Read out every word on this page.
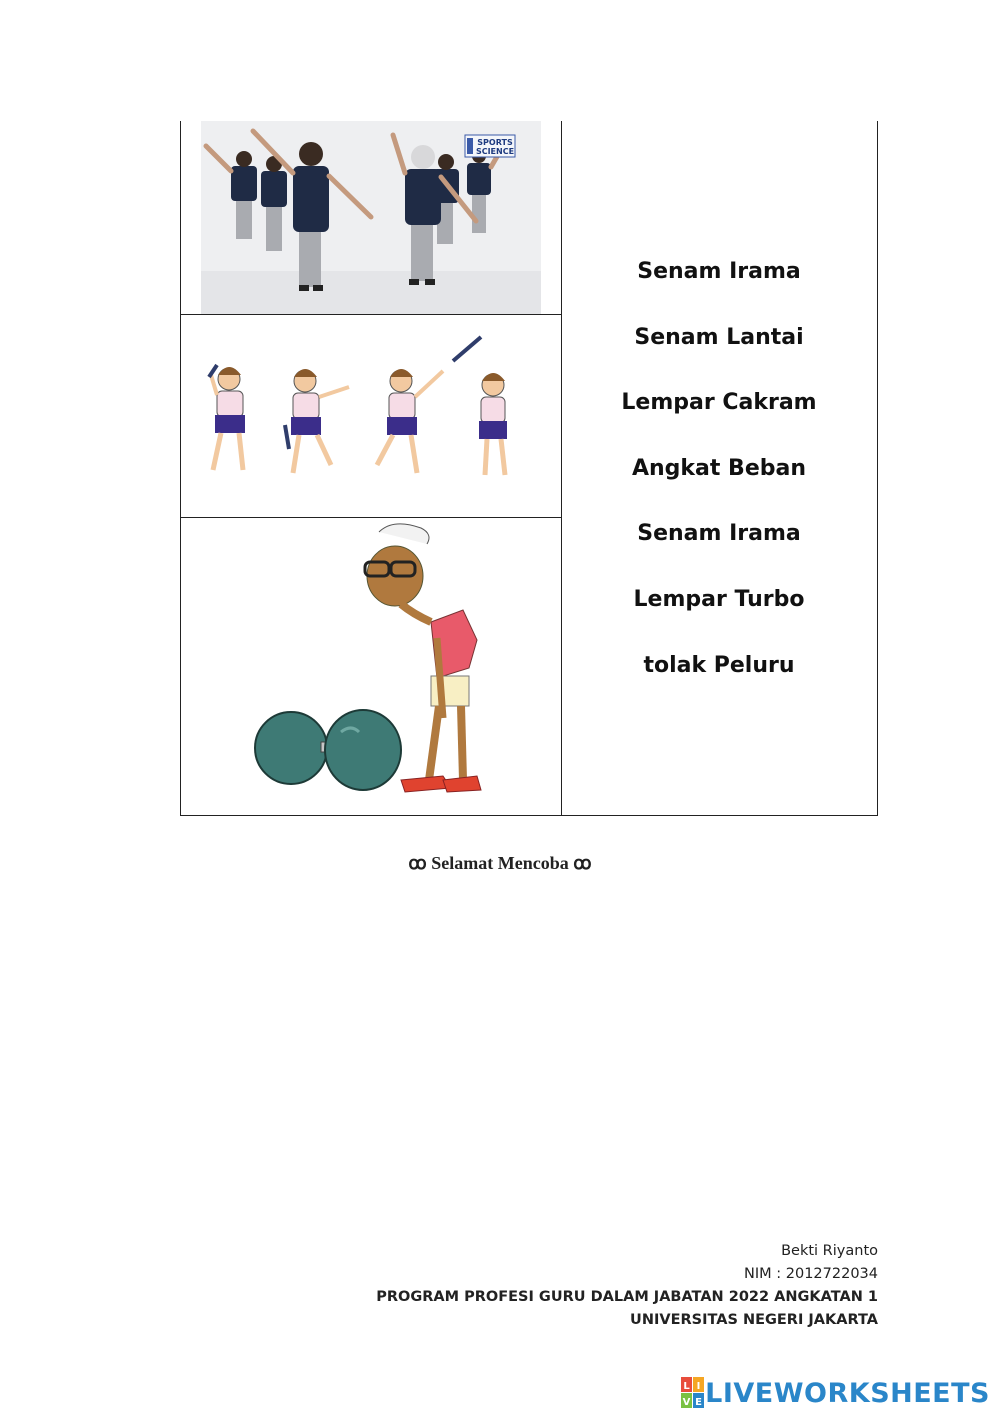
SPORTS
SCIENCE
Senam Irama
Senam Lantai
Lempar Cakram
Angkat Beban
Senam Irama
Lempar Turbo
tolak Peluru
ꝏ Selamat Mencoba ꝏ
Bekti Riyanto
NIM : 2012722034
PROGRAM PROFESI GURU DALAM JABATAN 2022 ANGKATAN 1
UNIVERSITAS NEGERI JAKARTA
L I
V E LIVEWORKSHEETS
